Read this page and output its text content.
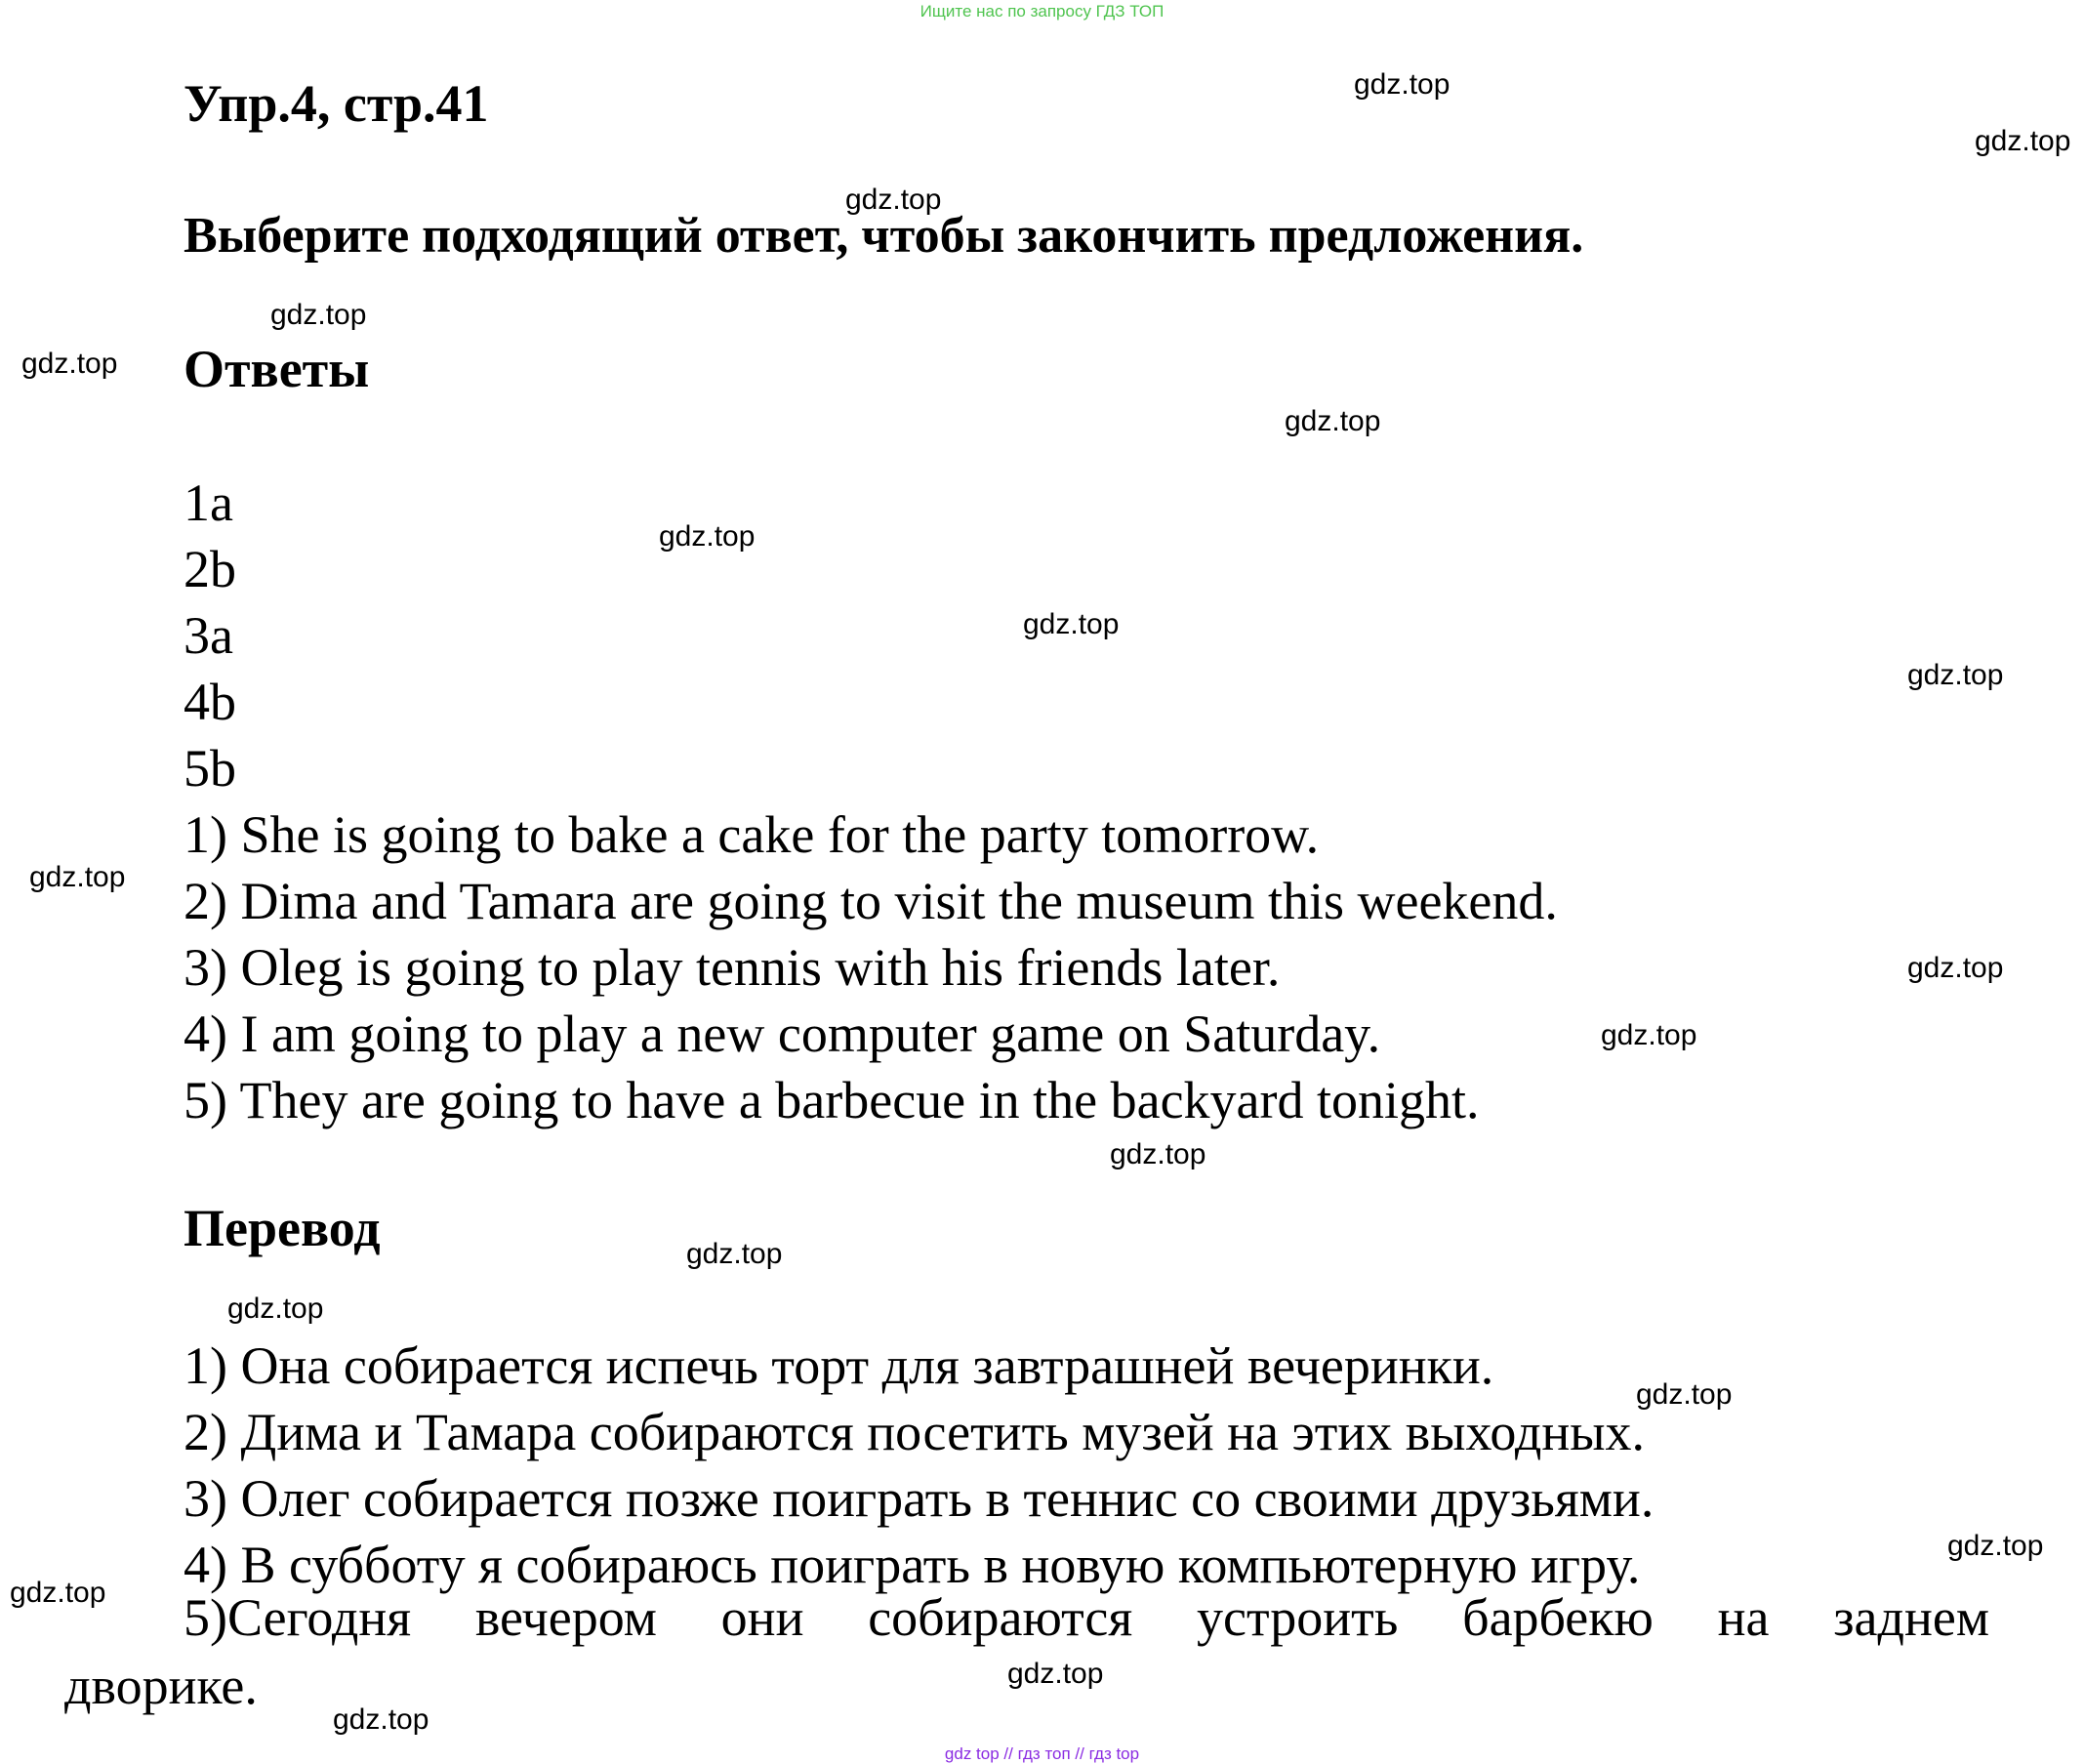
Ищите нас по запросу ГДЗ ТОП
Упр.4, стр.41
Выберите подходящий ответ, чтобы закончить предложения.
Ответы
1a
2b
3a
4b
5b
1) She is going to bake a cake for the party tomorrow.
2) Dima and Tamara are going to visit the museum this weekend.
3) Oleg is going to play tennis with his friends later.
4) I am going to play a new computer game on Saturday.
5) They are going to have a barbecue in the backyard tonight.
Перевод
1) Она собирается испечь торт для завтрашней вечеринки.
2) Дима и Тамара собираются посетить музей на этих выходных.
3) Олег собирается позже поиграть в теннис со своими друзьями.
4) В субботу я собираюсь поиграть в новую компьютерную игру.
5)Сегодня вечером они собираются устроить барбекю на заднем
дворике.
gdz.top
gdz.top
gdz.top
gdz.top
gdz.top
gdz.top
gdz.top
gdz.top
gdz.top
gdz.top
gdz.top
gdz.top
gdz.top
gdz.top
gdz.top
gdz.top
gdz.top
gdz.top
gdz.top
gdz.top
gdz top // гдз топ // гдз top
